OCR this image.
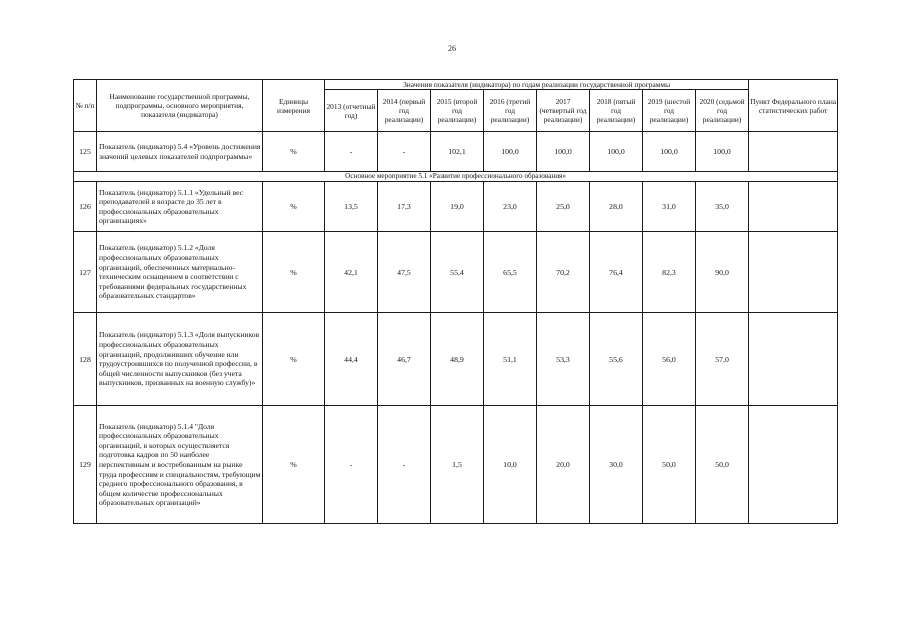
26
№ п/п	Наименование государственной программы, подпрограммы, основного мероприятия, показателя (индикатора)	Единицы измерения	Значения показателя (индикатора) по годам реализации государственной программы								Пункт Федерального плана статистических работ
			2013 (отчетный год)	2014 (первый год реализации)	2015 (второй год реализации)	2016 (третий год реализации)	2017 (четвертый год реализации)	2018 (пятый год реализации)	2019 (шестой год реализации)	2020 (седьмой год реализации)	
125	Показатель (индикатор) 5.4 «Уровень достижения значений целевых показателей подпрограммы»	%	-	-	102,1	100,0	100,0	100,0	100,0	100,0	
Основное мероприятие 5.1 «Развитие профессионального образования»											
126	Показатель (индикатор) 5.1.1 «Удельный вес преподавателей в возрасте до 35 лет в профессиональных образовательных организациях»	%	13,5	17,3	19,0	23,0	25,0	28,0	31,0	35,0	
127	Показатель (индикатор) 5.1.2 «Доля профессиональных образовательных организаций, обеспеченных материально-техническим оснащением в соответствии с требованиями федеральных государственных образовательных стандартов»	%	42,1	47,5	55,4	65,5	70,2	76,4	82,3	90,0	
128	Показатель (индикатор) 5.1.3 «Доля выпускников профессиональных образовательных организаций, продолживших обучение или трудоустроившихся по полученной профессии, в общей численности выпускников (без учета выпускников, призванных на военную службу)»	%	44,4	46,7	48,9	51,1	53,3	55,6	56,0	57,0	
129	Показатель (индикатор) 5.1.4 "Доля профессиональных образовательных организаций, в которых осуществляется подготовка кадров по 50 наиболее перспективным и востребованным на рынке труда профессиям и специальностям, требующим среднего профессионального образования, в общем количестве профессиональных образовательных организаций»	%	-	-	1,5	10,0	20,0	30,0	50,0	50,0	
